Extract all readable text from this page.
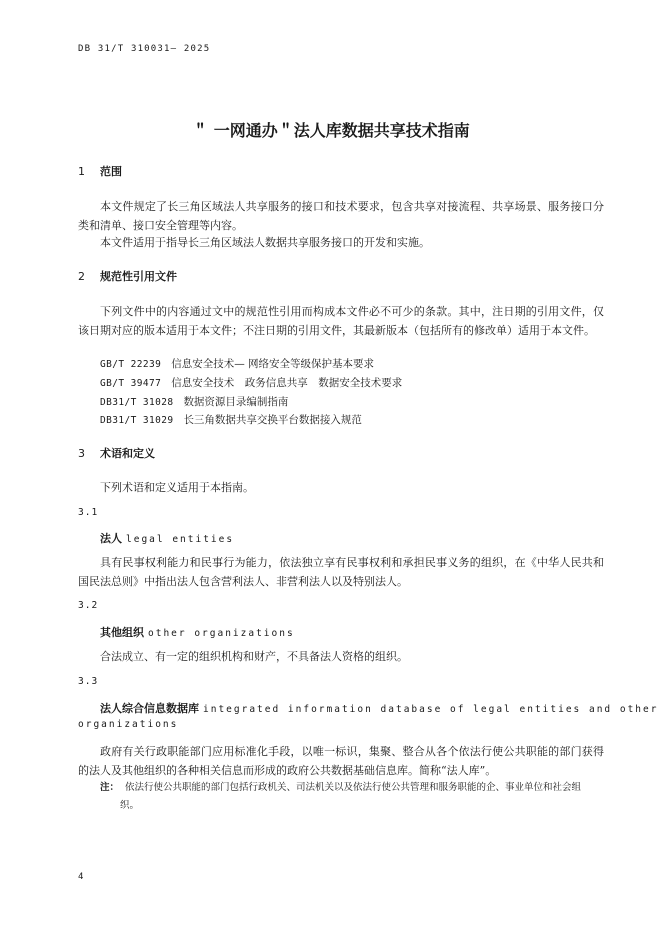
DB 31/T 310031— 2025
＂ 一网通办＂法人库数据共享技术指南
1 范围
本文件规定了长三角区域法人共享服务的接口和技术要求，包含共享对接流程、共享场景、服务接口分类和清单、接口安全管理等内容。
本文件适用于指导长三角区域法人数据共享服务接口的开发和实施。
2 规范性引用文件
下列文件中的内容通过文中的规范性引用而构成本文件必不可少的条款。其中，注日期的引用文件，仅该日期对应的版本适用于本文件；不注日期的引用文件，其最新版本（包括所有的修改单）适用于本文件。
GB/T 22239 信息安全技术— 网络安全等级保护基本要求
GB/T 39477 信息安全技术　政务信息共享　数据安全技术要求
DB31/T 31028 数据资源目录编制指南
DB31/T 31029 长三角数据共享交换平台数据接入规范
3 术语和定义
下列术语和定义适用于本指南。
3.1
法人 legal entities
具有民事权利能力和民事行为能力，依法独立享有民事权利和承担民事义务的组织，在《中华人民共和国民法总则》中指出法人包含营利法人、非营利法人以及特别法人。
3.2
其他组织 other organizations
合法成立、有一定的组织机构和财产，不具备法人资格的组织。
3.3
法人综合信息数据库 integrated information database of legal entities and other
organizations
政府有关行政职能部门应用标准化手段，以唯一标识，集聚、整合从各个依法行使公共职能的部门获得的法人及其他组织的各种相关信息而形成的政府公共数据基础信息库。简称“法人库”。
注： 依法行使公共职能的部门包括行政机关、司法机关以及依法行使公共管理和服务职能的企、事业单位和社会组
织。
4
